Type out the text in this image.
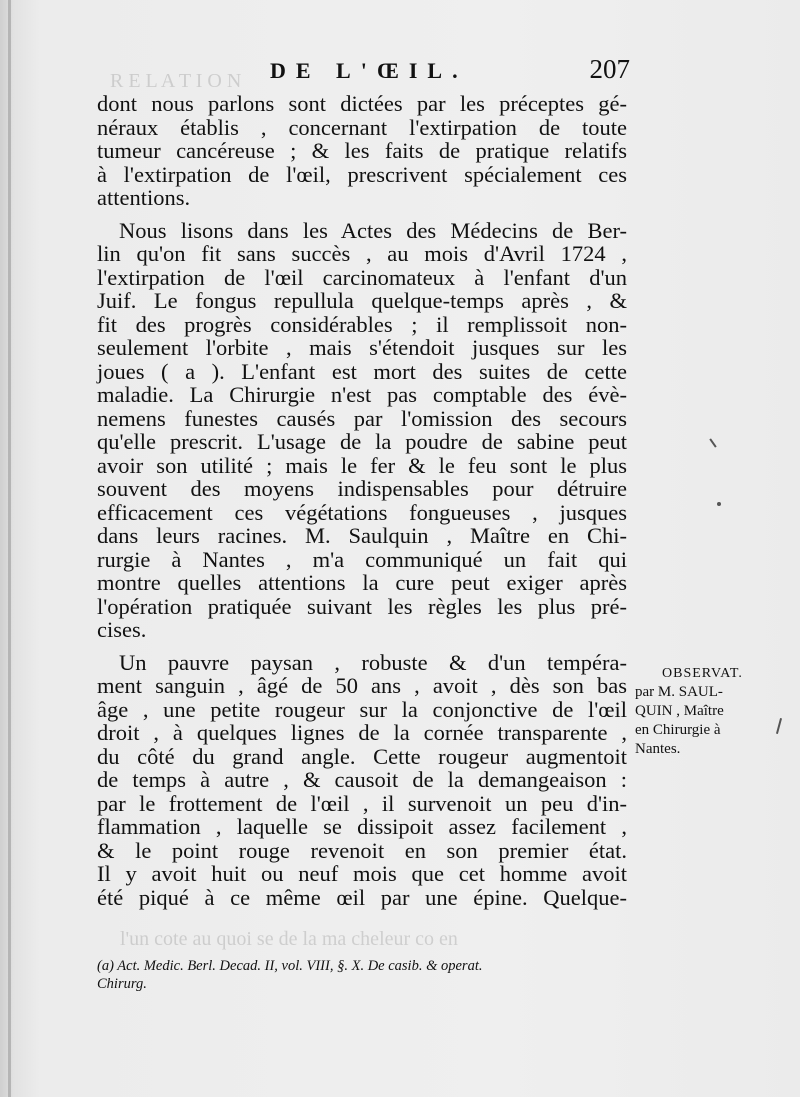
R E L A T I O N
l'un cote au quoi se de la ma cheleur co en
DE L'ŒIL.	207
dont nous parlons sont dictées par les préceptes gé-
néraux établis , concernant l'extirpation de toute
tumeur cancéreuse ; & les faits de pratique relatifs
à l'extirpation de l'œil, prescrivent spécialement ces
attentions.
Nous lisons dans les Actes des Médecins de Ber-
lin qu'on fit sans succès , au mois d'Avril 1724 ,
l'extirpation de l'œil carcinomateux à l'enfant d'un
Juif. Le fongus repullula quelque-temps après , &
fit des progrès considérables ; il remplissoit non-
seulement l'orbite , mais s'étendoit jusques sur les
joues ( a ). L'enfant est mort des suites de cette
maladie. La Chirurgie n'est pas comptable des évè-
nemens funestes causés par l'omission des secours
qu'elle prescrit. L'usage de la poudre de sabine peut
avoir son utilité ; mais le fer & le feu sont le plus
souvent des moyens indispensables pour détruire
efficacement ces végétations fongueuses , jusques
dans leurs racines. M. Saulquin , Maître en Chi-
rurgie à Nantes , m'a communiqué un fait qui
montre quelles attentions la cure peut exiger après
l'opération pratiquée suivant les règles les plus pré-
cises.
Un pauvre paysan , robuste & d'un tempéra-
ment sanguin , âgé de 50 ans , avoit , dès son bas
âge , une petite rougeur sur la conjonctive de l'œil
droit , à quelques lignes de la cornée transparente ,
du côté du grand angle. Cette rougeur augmentoit
de temps à autre , & causoit de la demangeaison :
par le frottement de l'œil , il survenoit un peu d'in-
flammation , laquelle se dissipoit assez facilement ,
& le point rouge revenoit en son premier état.
Il y avoit huit ou neuf mois que cet homme avoit
été piqué à ce même œil par une épine. Quelque-
OBSERVAT.
par M. SAUL-
QUIN , Maître
en Chirurgie à
Nantes.
(a) Act. Medic. Berl. Decad. II, vol. VIII, §. X. De casib. & operat.
Chirurg.
